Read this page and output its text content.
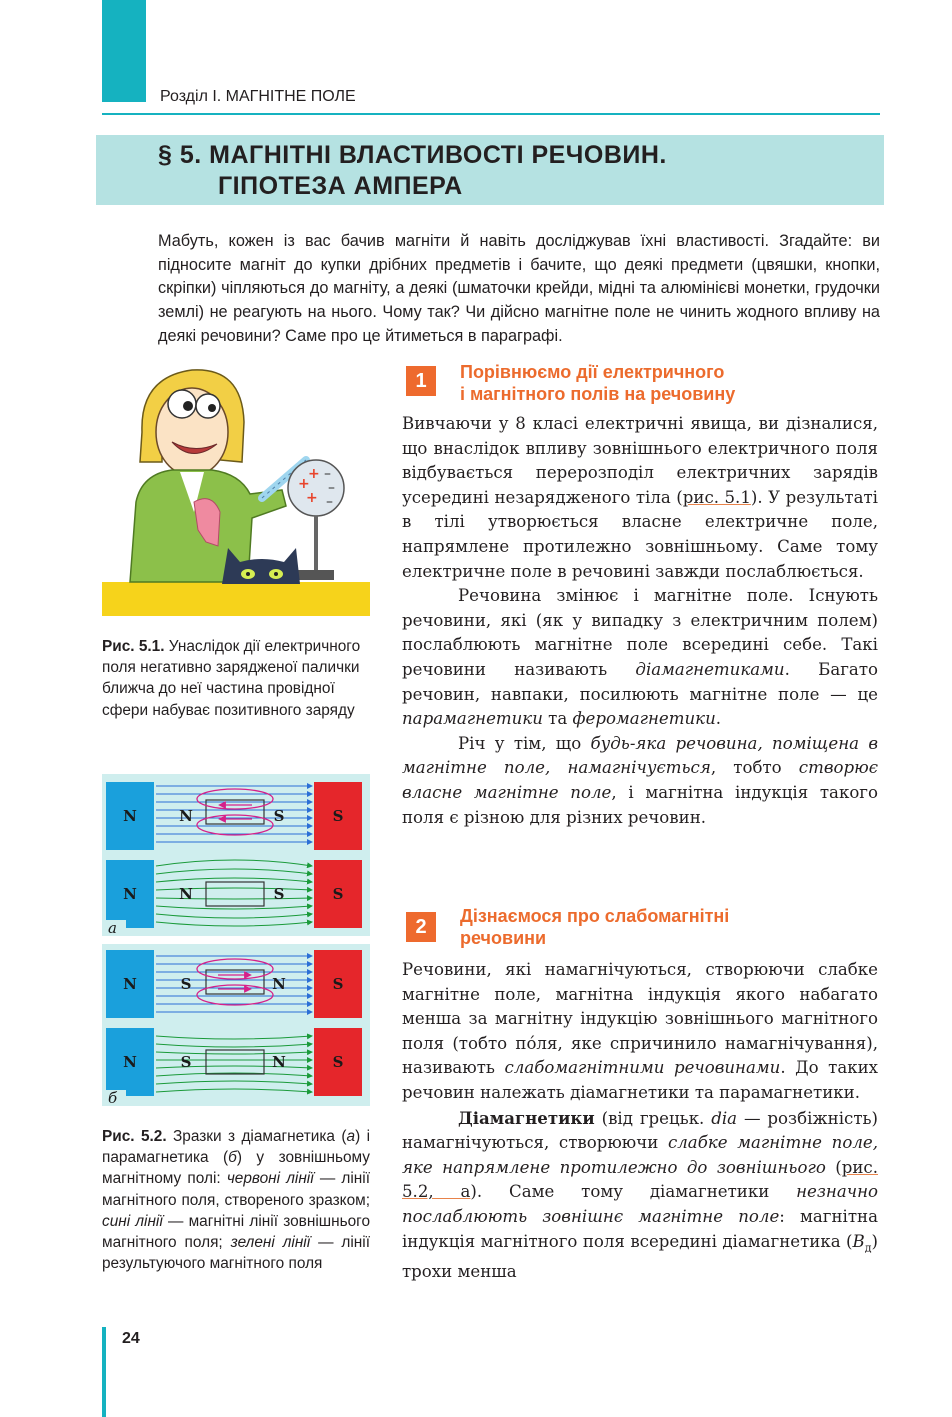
Розділ І. МАГНІТНЕ ПОЛЕ
§ 5. МАГНІТНІ ВЛАСТИВОСТІ РЕЧОВИН.
ГІПОТЕЗА АМПЕРА
Мабуть, кожен із вас бачив магніти й навіть досліджував їхні властивості. Згадайте: ви підносите магніт до купки дрібних предметів і бачите, що деякі предмети (цвяшки, кнопки, скріпки) чіпляються до магніту, а деякі (шматочки крейди, мідні та алюмінієві монетки, грудочки землі) не реагують на нього. Чому так? Чи дійсно магнітне поле не чинить жодного впливу на деякі речовини? Саме про це йтиметься в параграфі.
+
+
+ –
–
–
Рис. 5.1. Унаслідок дії електричного поля негативно зарядженої палички ближча до неї частина провідної сфери набуває позитивного заряду
N	S
N	S
N	S
N	S
N	S
S	N
N	S
S	N
а
б
Рис. 5.2. Зразки з діамагнетика (а) і парамагнетика (б) у зовнішньому магнітному полі: червоні лінії — лінії магнітного поля, створеного зразком; сині лінії — магнітні лінії зовнішнього магнітного поля; зелені лінії — лінії результуючого магнітного поля
1	Порівнюємо дії електричного
і магнітного полів на речовину

Вивчаючи у 8 класі електричні явища, ви дізналися, що внаслідок впливу зовнішнього електричного поля відбувається перерозподіл електричних зарядів усередині незарядженого тіла (рис. 5.1). У результаті в тілі утворюється власне електричне поле, напрямлене протилежно зовнішньому. Саме тому електричне поле в речовині завжди послаблюється.

Речовина змінює і магнітне поле. Існують речовини, які (як у випадку з електричним полем) послаблюють магнітне поле всередині себе. Такі речовини називають діамагнетиками. Багато речовин, навпаки, посилюють магнітне поле — це парамагнетики та феромагнетики.

Річ у тім, що будь-яка речовина, поміщена в магнітне поле, намагнічується, тобто створює власне магнітне поле, і магнітна індукція такого поля є різною для різних речовин.

2	Дізнаємося про слабомагнітні
речовини

Речовини, які намагнічуються, створюючи слабке магнітне поле, магнітна індукція якого набагато менша за магнітну індукцію зовнішнього магнітного поля (тобто по́ля, яке спричинило намагнічування), називають слабомагнітними речовинами. До таких речовин належать діамагнетики та парамагнетики.

Діамагнетики (від грецьк. dia — розбіжність) намагнічуються, створюючи слабке магнітне поле, яке напрямлене протилежно до зовнішнього (рис. 5.2, а). Саме тому діамагнетики незначно послаблюють зовнішнє магнітне поле: магнітна індукція магнітного поля всередині діамагнетика $(B_д)$ трохи менша

24
